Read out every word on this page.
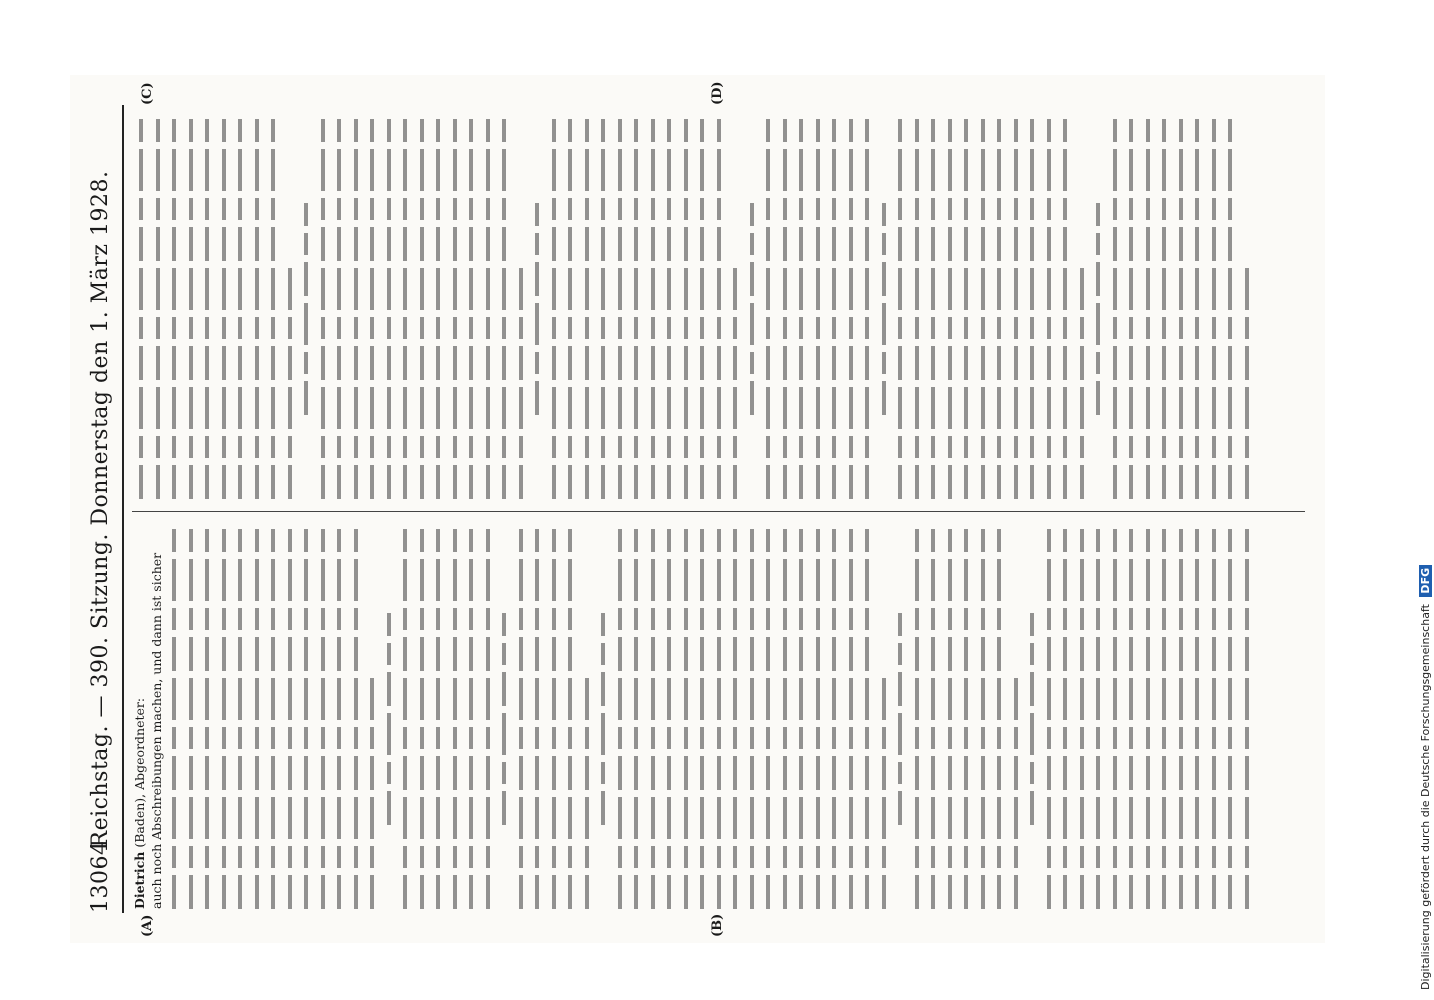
13064
Reichstag. — 390. Sitzung. Donnerstag den 1. März 1928.
(A)	(B)
(C)	(D)
Dietrich (Baden), Abgeordneter: auch noch Abschreibungen machen, und dann ist sicher	Digitalisierung gefördert durch die Deutsche Forschungsgemeinschaft DFG
